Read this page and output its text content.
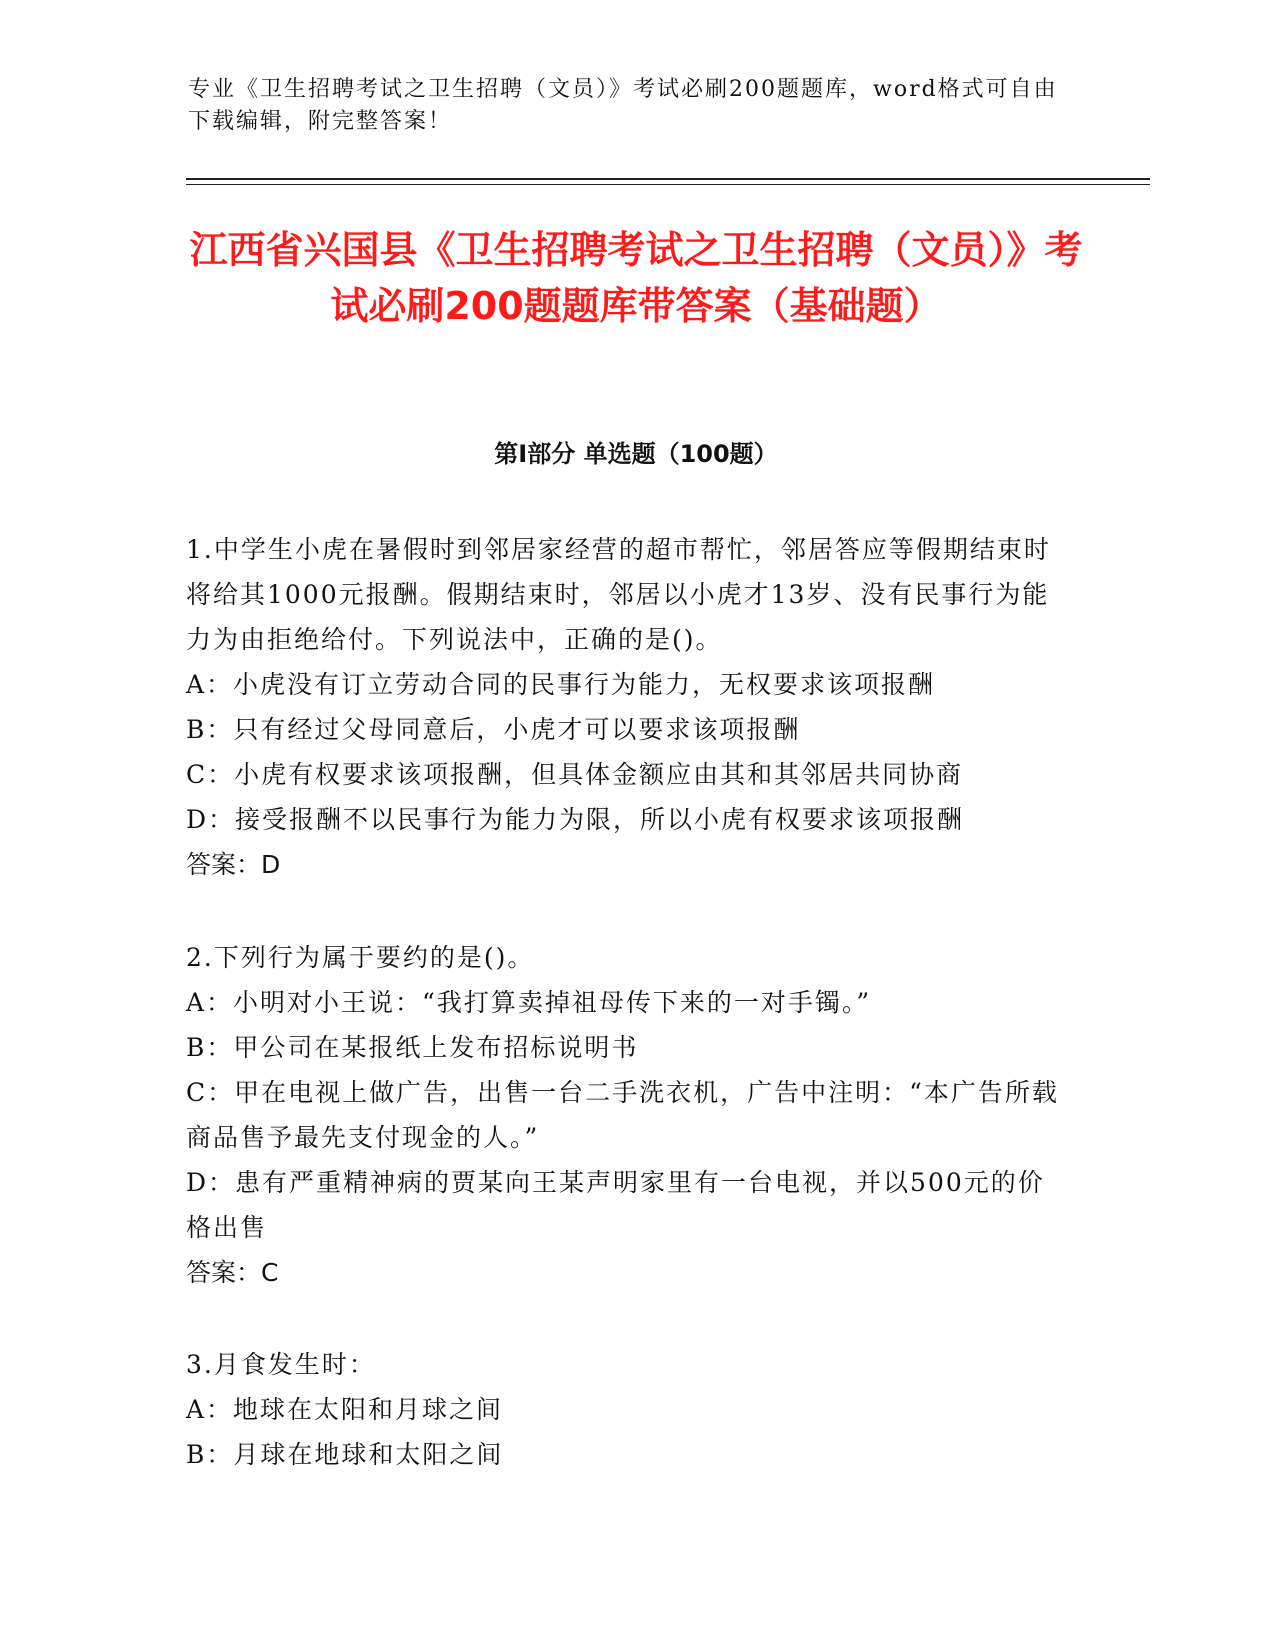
专业《卫生招聘考试之卫生招聘（文员）》考试必刷200题题库，word格式可自由下载编辑，附完整答案！
江西省兴国县《卫生招聘考试之卫生招聘（文员）》考试必刷200题题库带答案（基础题）
第I部分 单选题（100题）
1.中学生小虎在暑假时到邻居家经营的超市帮忙，邻居答应等假期结束时将给其1000元报酬。假期结束时，邻居以小虎才13岁、没有民事行为能力为由拒绝给付。下列说法中，正确的是()。
A：小虎没有订立劳动合同的民事行为能力，无权要求该项报酬
B：只有经过父母同意后，小虎才可以要求该项报酬
C：小虎有权要求该项报酬，但具体金额应由其和其邻居共同协商
D：接受报酬不以民事行为能力为限，所以小虎有权要求该项报酬
答案：D
2.下列行为属于要约的是()。
A：小明对小王说：“我打算卖掉祖母传下来的一对手镯。”
B：甲公司在某报纸上发布招标说明书
C：甲在电视上做广告，出售一台二手洗衣机，广告中注明：“本广告所载商品售予最先支付现金的人。”
D：患有严重精神病的贾某向王某声明家里有一台电视，并以500元的价格出售
答案：C
3.月食发生时：
A：地球在太阳和月球之间
B：月球在地球和太阳之间
